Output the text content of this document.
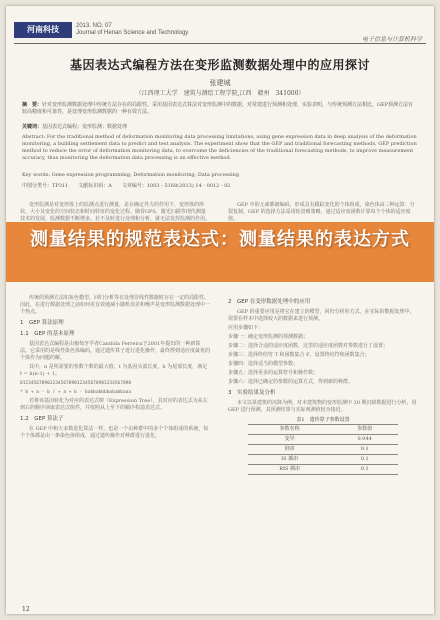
河南科技	2013. NO. 07
Journal of Henan Science and Technology
电子信息与计算机科学
基因表达式编程方法在变形监测数据处理中的应用探讨
张建城
（江西理工大学　建筑与测绘工程学院,江西　赣州　341000）
摘　要：针对变形监测数据处理中传统方法存在的局限性，采用基因表达式算法对变形监测中的数据，对常建进行预测和处理，实验表明，与传统预测方法相比，GEP预测方法有较高精度和可靠性，是处理变形监测数据的一种有效方法。
关键词：基因表达式编程；变形监测；数据处理
Abstract: For the traditional method of deformation monitoring data processing limitations, using gene expression data in deep analysis of the deformation monitoring, a building settlement data to predict and test analysis. The experiment show that the GEP and traditional forecasting methods, GEP prediction method to reduce the error of deformation monitoring data, to overcome the deficiencies of the traditional forecasting methods, to improve measurement accuracy, thus monitoring the deformation data processing is an effective method.
Key words: Gene expression programming; Deformation monitoring; Data processing
中图分类号：TP311　　文献标识码：A　　文章编号：1003 - 5168(2013) 14 - 0012 - 02

变形监测是对变形体上的监测点进行测量，是在确定外力的作用下，变形体的形状、大小及变化的空间状态和时间特征的变化过程。随着GPS、激光扫描等现代测量技术的发展，监测数据不断增多，若不及时进行处理和分析，就无法发挥监测的作用。

传统的预测方法如灰色模型、回归分析等在处理非线性数据时存在一定的局限性。因此，在进行数据处理之前如何更有效地减小随机误差和噪声是变形监测数据处理中一个热点。

1　GEP 算法原理
1.1　GEP 的基本原理

基因表达式编程是由葡萄牙学者Candida Ferreira于2001年提出的一种新算法。它采用的是线性染色体编码，通过遗传算子进行进化操作，最终得到适应度最优的个体作为问题的解。

其中，n 是所需要的参数个数的最大值，t 为基因头部长度，h 为尾部长度，满足 t = h(n-1) + 1。

01234567890123456789012345678901234567890

* b + a - b / + a + b · babbabbbbababbaaa

若将该基因转化为对应的表达式树（Expression Tree），其对应的表达式为从左到右的顺序读取表达式组件，并按照从上至下的顺序构造表达式。

1.2　GEP 算法子

在 GEP 中和大多数进化算法一样，也是一个由种群中的多个个体组成的系统，每个个体都是由一条染色体组成，通过遗传操作对种群进行进化。

GEP 中的元素都被编码，形成具有跟踪变化的个体组成，染色体由三种运算：分裂复制，GEP 的选择方法采用轮盘赌策略，通过适应度函数计算每个个体的适应度值。

2　GEP 在变形数据处理中的应用

GEP 的重要应用是将它在建立的模型，回归分析的方式，在实际的数据处理中，需要在样本中选择较大的数据来进行预测。

应用步骤如下：

步骤一：确定变形监测的预测数据；

步骤二：选择合适的适应度函数，这里的适应度函数对参数进行了设置；

步骤三：选择终结符 T 和函数集合 F，设置终结符和函数集合；

步骤四：选择适当的模型参数；

步骤五：选择更多的运算符号和操作数；

步骤六：选择已确定的参数的运算方式，得到新的种群。

3　实验结果及分析

本文以某建筑的沉降为例，对本建筑物的变形监测中 20 期沉降数据进行分析，用 GEP 进行预测，其预测结果与实际观测值较为接近。

表1　遗传算子参数设置
参数名称	参数值
变异	0.044
倒串	0.1
IS 插串	0.1
RIS 插串	0.1
测量结果的规范表达式：测量结果的表达方式
12
